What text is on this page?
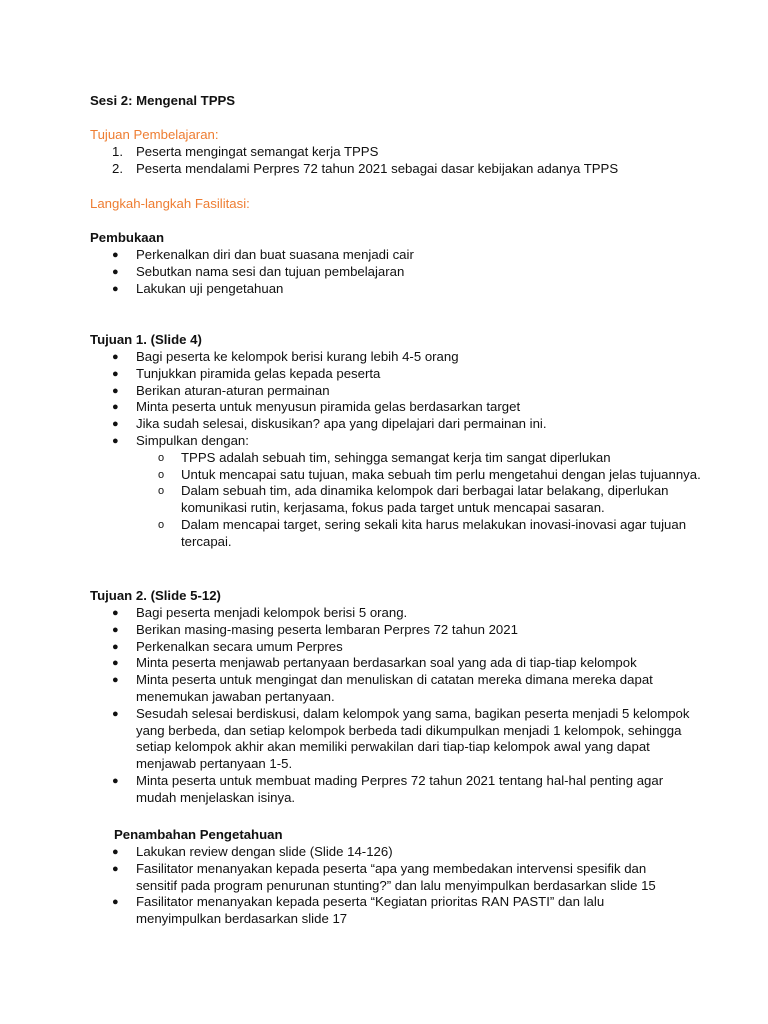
Sesi 2: Mengenal TPPS
Tujuan Pembelajaran:
1. Peserta mengingat semangat kerja TPPS
2. Peserta mendalami Perpres 72 tahun 2021 sebagai dasar kebijakan adanya TPPS
Langkah-langkah Fasilitasi:
Pembukaan
●	Perkenalkan diri dan buat suasana menjadi cair
●	Sebutkan nama sesi dan tujuan pembelajaran
●	Lakukan uji pengetahuan
Tujuan 1. (Slide 4)
●	Bagi peserta ke kelompok berisi kurang lebih 4-5 orang
●	Tunjukkan piramida gelas kepada peserta
●	Berikan aturan-aturan permainan
●	Minta peserta untuk menyusun piramida gelas berdasarkan target
●	Jika sudah selesai, diskusikan? apa yang dipelajari dari permainan ini.
●	Simpulkan dengan:
o	TPPS adalah sebuah tim, sehingga semangat kerja tim sangat diperlukan
o	Untuk mencapai satu tujuan, maka sebuah tim perlu mengetahui dengan jelas tujuannya.
o	Dalam sebuah tim, ada dinamika kelompok dari berbagai latar belakang, diperlukan komunikasi rutin, kerjasama, fokus pada target untuk mencapai sasaran.
o	Dalam mencapai target, sering sekali kita harus melakukan inovasi-inovasi agar tujuan tercapai.
Tujuan 2. (Slide 5-12)
●	Bagi peserta menjadi kelompok berisi 5 orang.
●	Berikan masing-masing peserta lembaran Perpres 72 tahun 2021
●	Perkenalkan secara umum Perpres
●	Minta peserta menjawab pertanyaan berdasarkan soal yang ada di tiap-tiap kelompok
●	Minta peserta untuk mengingat dan menuliskan di catatan mereka dimana mereka dapat menemukan jawaban pertanyaan.
●	Sesudah selesai berdiskusi, dalam kelompok yang sama, bagikan peserta menjadi 5 kelompok yang berbeda, dan setiap kelompok berbeda tadi dikumpulkan menjadi 1 kelompok, sehingga setiap kelompok akhir akan memiliki perwakilan dari tiap-tiap kelompok awal yang dapat menjawab pertanyaan 1-5.
●	Minta peserta untuk membuat mading Perpres 72 tahun 2021 tentang hal-hal penting agar mudah menjelaskan isinya.
Penambahan Pengetahuan
●	Lakukan review dengan slide (Slide 14-126)
●	Fasilitator menanyakan kepada peserta “apa yang membedakan intervensi spesifik dan sensitif pada program penurunan stunting?” dan lalu menyimpulkan berdasarkan slide 15
●	Fasilitator menanyakan kepada peserta “Kegiatan prioritas RAN PASTI” dan lalu menyimpulkan berdasarkan slide 17
